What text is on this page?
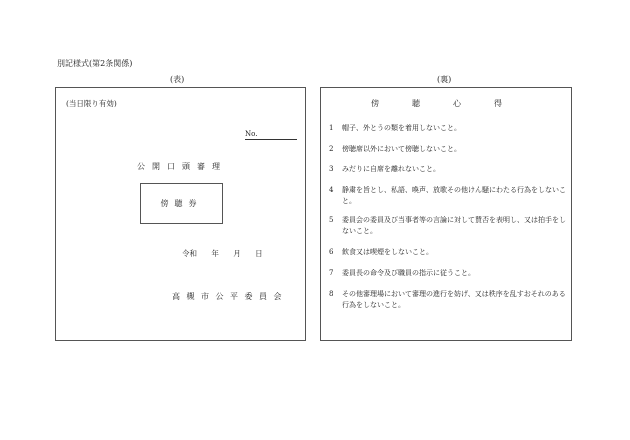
別記様式(第2条関係)
(表)	(裏)
(当日限り有効)
No.
公開口頭審理
傍聴券
令和 年 月 日
高槻市公平委員会
傍聴心得
1	帽子、外とうの類を着用しないこと。
2	傍聴席以外において傍聴しないこと。
3	みだりに自席を離れないこと。
4	静粛を旨とし、私語、喚声、放歌その他けん騒にわたる行為をしないこと。
5	委員会の委員及び当事者等の言論に対して賛否を表明し、又は拍手をしないこと。
6	飲食又は喫煙をしないこと。
7	委員長の命令及び職員の指示に従うこと。
8	その他審理場において審理の進行を妨げ、又は秩序を乱すおそれのある行為をしないこと。
